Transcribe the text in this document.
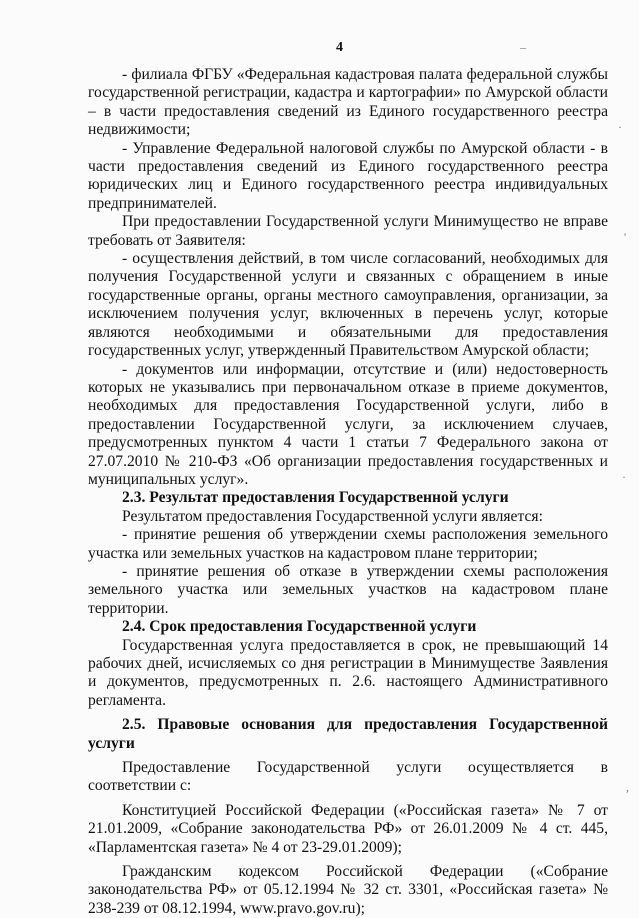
4

- филиала ФГБУ «Федеральная кадастровая палата федеральной службы государственной регистрации, кадастра и картографии» по Амурской области – в части предоставления сведений из Единого государственного реестра недвижимости;

- Управление Федеральной налоговой службы по Амурской области - в части предоставления сведений из Единого государственного реестра юридических лиц и Единого государственного реестра индивидуальных предпринимателей.

При предоставлении Государственной услуги Минимущество не вправе требовать от Заявителя:

- осуществления действий, в том числе согласований, необходимых для получения Государственной услуги и связанных с обращением в иные государственные органы, органы местного самоуправления, организации, за исключением получения услуг, включенных в перечень услуг, которые являются необходимыми и обязательными для предоставления государственных услуг, утвержденный Правительством Амурской области;

- документов или информации, отсутствие и (или) недостоверность которых не указывались при первоначальном отказе в приеме документов, необходимых для предоставления Государственной услуги, либо в предоставлении Государственной услуги, за исключением случаев, предусмотренных пунктом 4 части 1 статьи 7 Федерального закона от 27.07.2010 № 210-ФЗ «Об организации предоставления государственных и муниципальных услуг».

2.3. Результат предоставления Государственной услуги

Результатом предоставления Государственной услуги является:

- принятие решения об утверждении схемы расположения земельного участка или земельных участков на кадастровом плане территории;

- принятие решения об отказе в утверждении схемы расположения земельного участка или земельных участков на кадастровом плане территории.

2.4. Срок предоставления Государственной услуги

Государственная услуга предоставляется в срок, не превышающий 14 рабочих дней, исчисляемых со дня регистрации в Минимуществе Заявления и документов, предусмотренных п. 2.6. настоящего Административного регламента.

2.5. Правовые основания для предоставления Государственной услуги

Предоставление Государственной услуги осуществляется в соответствии с:

Конституцией Российской Федерации («Российская газета» № 7 от 21.01.2009, «Собрание законодательства РФ» от 26.01.2009 № 4 ст. 445, «Парламентская газета» № 4 от 23-29.01.2009);

Гражданским кодексом Российской Федерации («Собрание законодательства РФ» от 05.12.1994 № 32 ст. 3301, «Российская газета» № 238-239 от 08.12.1994, www.pravo.gov.ru);

·
'
·
,
–
